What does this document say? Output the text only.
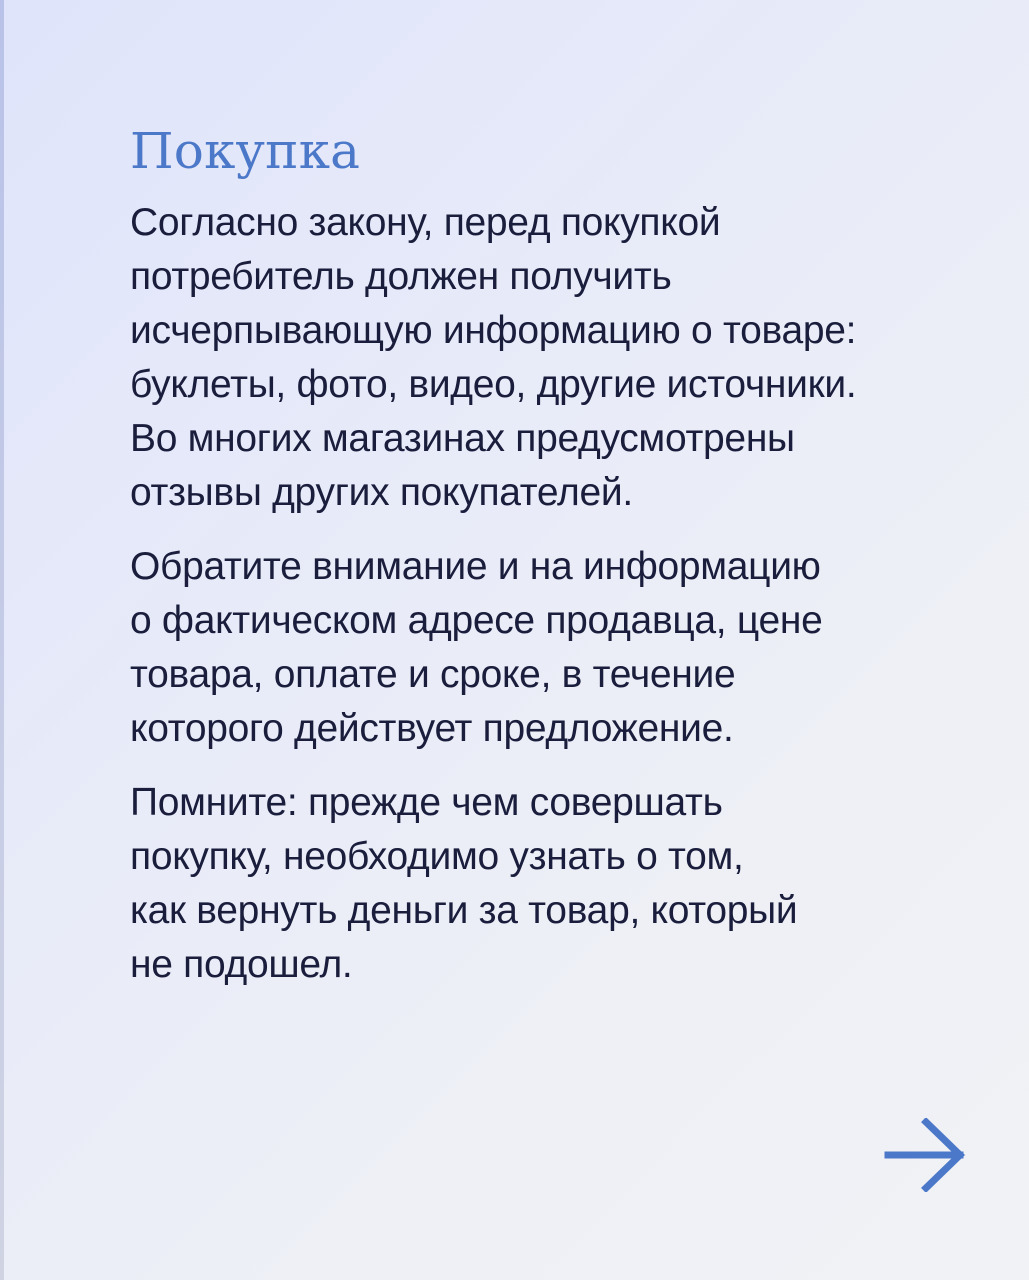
Покупка

Согласно закону, перед покупкой
потребитель должен получить
исчерпывающую информацию о товаре:
буклеты, фото, видео, другие источники.
Во многих магазинах предусмотрены
отзывы других покупателей.

Обратите внимание и на информацию
о фактическом адресе продавца, цене
товара, оплате и сроке, в течение
которого действует предложение.

Помните: прежде чем совершать
покупку, необходимо узнать о том,
как вернуть деньги за товар, который
не подошел.
